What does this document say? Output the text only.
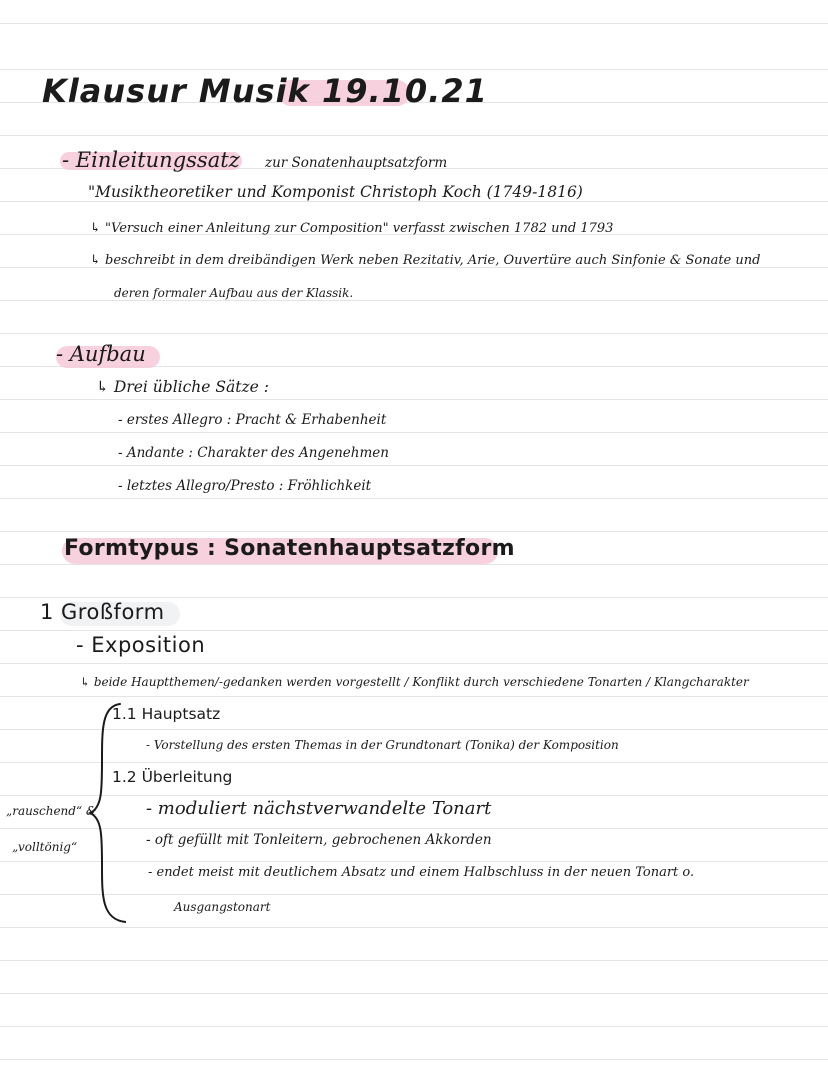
Klausur Musik 19.10.21
- Einleitungssatz zur Sonatenhauptsatzform
"Musiktheoretiker und Komponist Christoph Koch (1749-1816)
↳ "Versuch einer Anleitung zur Composition" verfasst zwischen 1782 und 1793
↳ beschreibt in dem dreibändigen Werk neben Rezitativ, Arie, Ouvertüre auch Sinfonie & Sonate und
deren formaler Aufbau aus der Klassik.
- Aufbau
↳ Drei übliche Sätze :
- erstes Allegro : Pracht & Erhabenheit
- Andante : Charakter des Angenehmen
- letztes Allegro/Presto : Fröhlichkeit
Formtypus : Sonatenhauptsatzform
1 Großform
- Exposition
↳ beide Hauptthemen/-gedanken werden vorgestellt / Konflikt durch verschiedene Tonarten / Klangcharakter
1.1 Hauptsatz
- Vorstellung des ersten Themas in der Grundtonart (Tonika) der Komposition
1.2 Überleitung
- moduliert nächstverwandelte Tonart
- oft gefüllt mit Tonleitern, gebrochenen Akkorden
- endet meist mit deutlichem Absatz und einem Halbschluss in der neuen Tonart o.
Ausgangstonart
„rauschend“ &
„volltönig“
